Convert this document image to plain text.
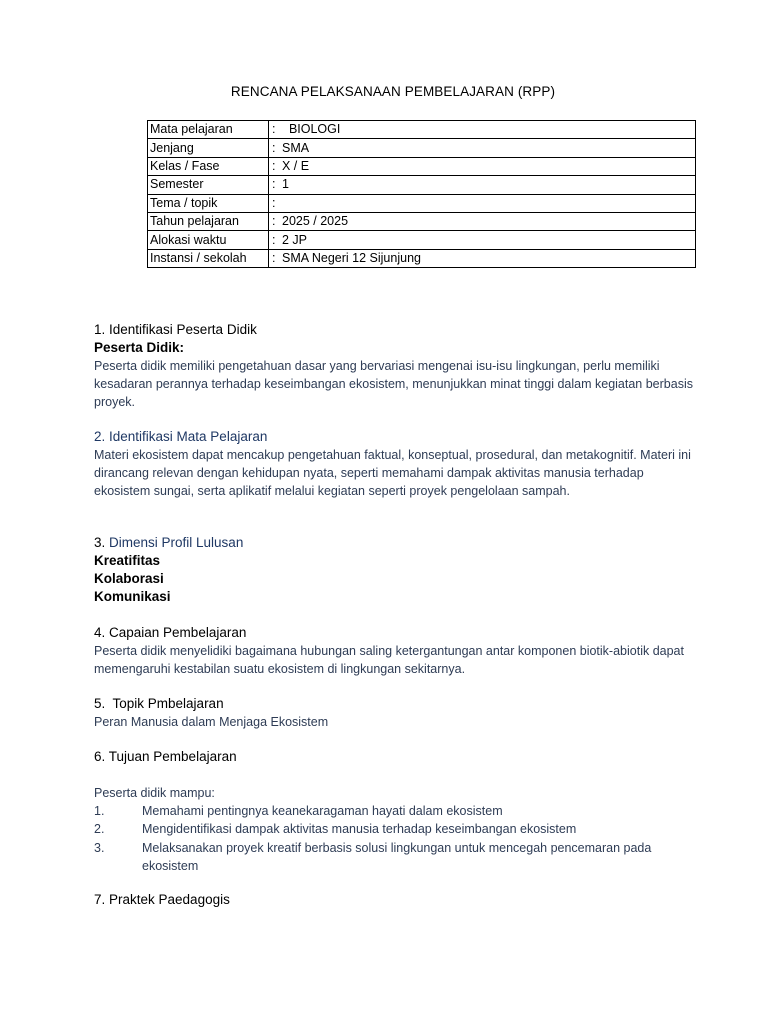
RENCANA PELAKSANAAN PEMBELAJARAN (RPP)
Mata pelajaran	:	BIOLOGI
Jenjang	:	SMA
Kelas / Fase	:	X / E
Semester	:	1
Tema / topik	:	
Tahun pelajaran	:	2025 / 2025
Alokasi waktu	:	2 JP
Instansi / sekolah	:	SMA Negeri 12 Sijunjung
1. Identifikasi Peserta Didik
Peserta Didik:
Peserta didik memiliki pengetahuan dasar yang bervariasi mengenai isu-isu lingkungan, perlu memiliki kesadaran perannya terhadap keseimbangan ekosistem, menunjukkan minat tinggi dalam kegiatan berbasis proyek.
2. Identifikasi Mata Pelajaran
Materi ekosistem dapat mencakup pengetahuan faktual, konseptual, prosedural, dan metakognitif. Materi ini dirancang relevan dengan kehidupan nyata, seperti memahami dampak aktivitas manusia terhadap ekosistem sungai, serta aplikatif melalui kegiatan seperti proyek pengelolaan sampah.
3. Dimensi Profil Lulusan
Kreatifitas
Kolaborasi
Komunikasi
4. Capaian Pembelajaran
Peserta didik menyelidiki bagaimana hubungan saling ketergantungan antar komponen biotik-abiotik dapat memengaruhi kestabilan suatu ekosistem di lingkungan sekitarnya.
5.  Topik Pmbelajaran
Peran Manusia dalam Menjaga Ekosistem
6. Tujuan Pembelajaran
Peserta didik mampu:
1.	Memahami pentingnya keanekaragaman hayati dalam ekosistem
2.	Mengidentifikasi dampak aktivitas manusia terhadap keseimbangan ekosistem
3.	Melaksanakan proyek kreatif berbasis solusi lingkungan untuk mencegah pencemaran pada ekosistem
7. Praktek Paedagogis
